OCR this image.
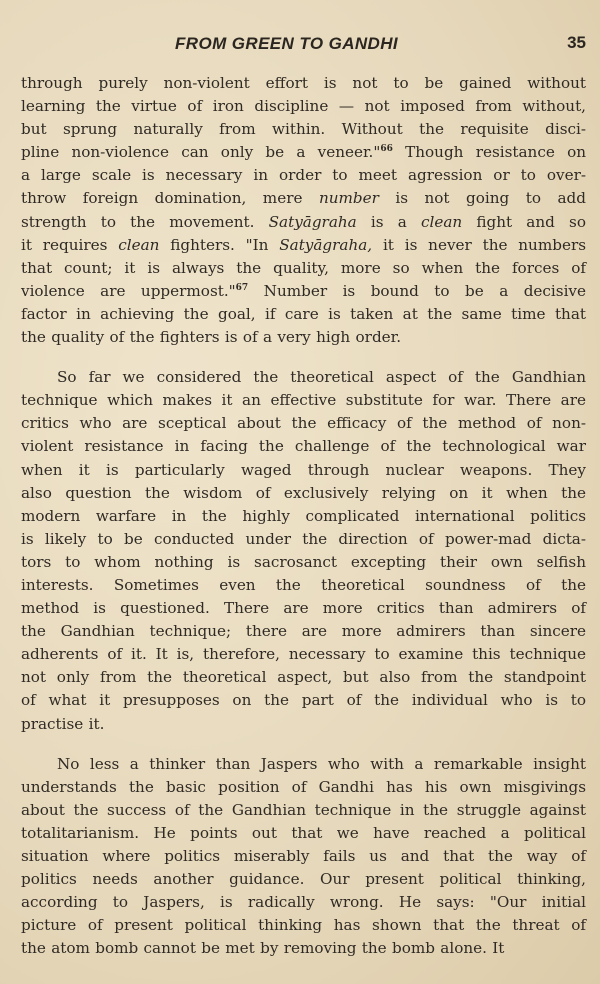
FROM GREEN TO GANDHI	35

through purely non-violent effort is not to be gained without
learning the virtue of iron discipline — not imposed from without,
but sprung naturally from within. Without the requisite disci-
pline non-violence can only be a veneer."$^{66}$ Though resistance on
a large scale is necessary in order to meet agression or to over-
throw foreign domination, mere number is not going to add
strength to the movement. Satyāgraha is a clean fight and so
it requires clean fighters. "In Satyāgraha, it is never the numbers
that count; it is always the quality, more so when the forces of
violence are uppermost."$^{67}$ Number is bound to be a decisive
factor in achieving the goal, if care is taken at the same time that
the quality of the fighters is of a very high order.

So far we considered the theoretical aspect of the Gandhian
technique which makes it an effective substitute for war. There are
critics who are sceptical about the efficacy of the method of non-
violent resistance in facing the challenge of the technological war
when it is particularly waged through nuclear weapons. They
also question the wisdom of exclusively relying on it when the
modern warfare in the highly complicated international politics
is likely to be conducted under the direction of power-mad dicta-
tors to whom nothing is sacrosanct excepting their own selfish
interests. Sometimes even the theoretical soundness of the
method is questioned. There are more critics than admirers of
the Gandhian technique; there are more admirers than sincere
adherents of it. It is, therefore, necessary to examine this technique
not only from the theoretical aspect, but also from the standpoint
of what it presupposes on the part of the individual who is to
practise it.

No less a thinker than Jaspers who with a remarkable insight
understands the basic position of Gandhi has his own misgivings
about the success of the Gandhian technique in the struggle against
totalitarianism. He points out that we have reached a political
situation where politics miserably fails us and that the way of
politics needs another guidance. Our present political thinking,
according to Jaspers, is radically wrong. He says: "Our initial
picture of present political thinking has shown that the threat of
the atom bomb cannot be met by removing the bomb alone. It
